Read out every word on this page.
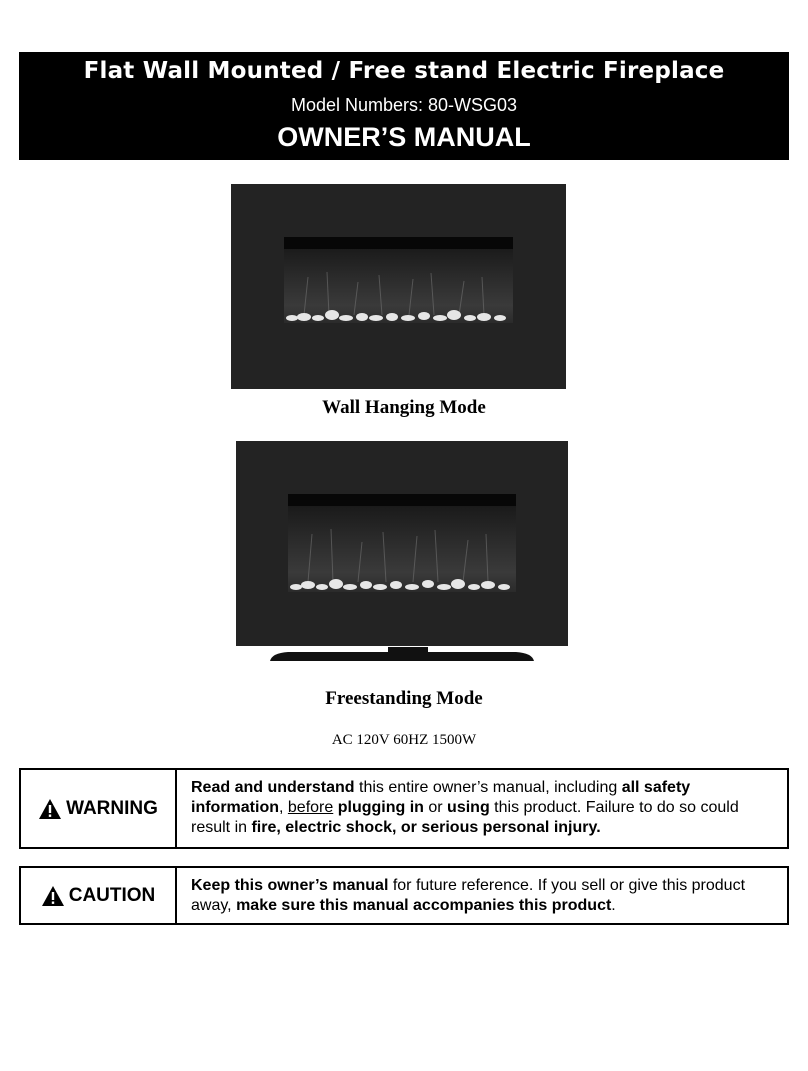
Flat Wall Mounted / Free stand Electric Fireplace
Model Numbers: 80-WSG03
OWNER’S MANUAL
Wall Hanging Mode
Freestanding Mode
AC 120V 60HZ 1500W
WARNING
Read and understand this entire owner’s manual, including all safety information, before plugging in or using this product. Failure to do so could result in fire, electric shock, or serious personal injury.
CAUTION	Keep this owner’s manual for future reference. If you sell or give this product away, make sure this manual accompanies this product.
